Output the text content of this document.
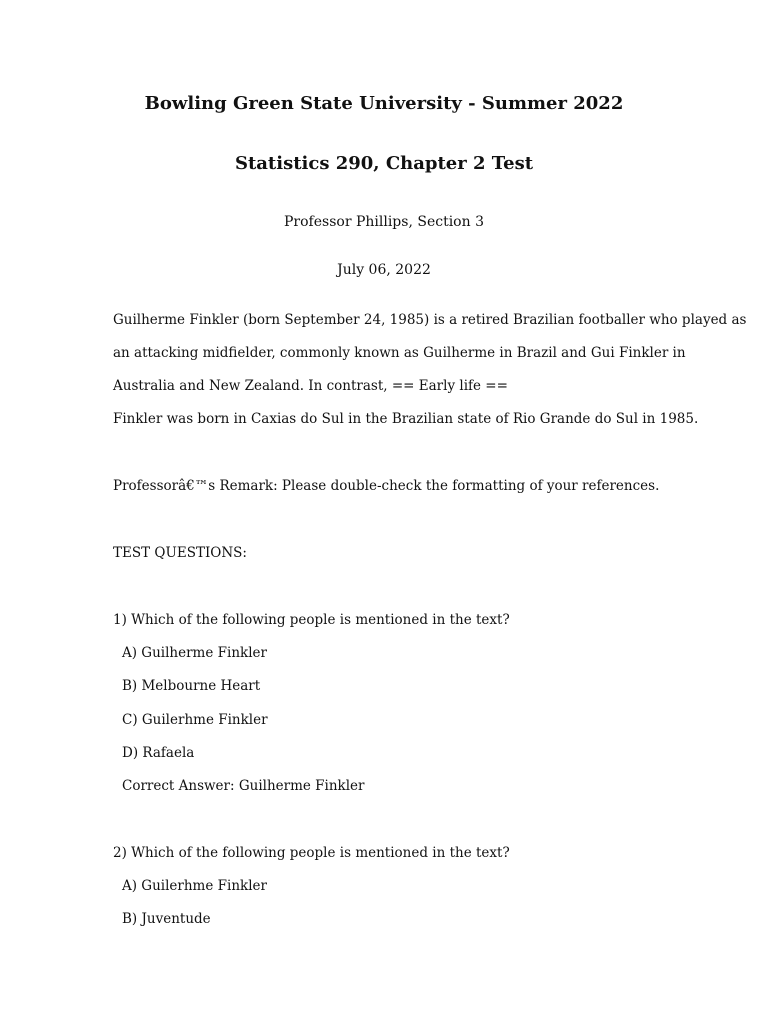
Bowling Green State University - Summer 2022
Statistics 290, Chapter 2 Test
Professor Phillips, Section 3
July 06, 2022
Guilherme Finkler (born September 24, 1985) is a retired Brazilian footballer who played as
an attacking midfielder, commonly known as Guilherme in Brazil and Gui Finkler in
Australia and New Zealand. In contrast, == Early life ==
Finkler was born in Caxias do Sul in the Brazilian state of Rio Grande do Sul in 1985.
Professorâ€™s Remark: Please double-check the formatting of your references.
TEST QUESTIONS:
1) Which of the following people is mentioned in the text?
A) Guilherme Finkler
B) Melbourne Heart
C) Guilerhme Finkler
D) Rafaela
Correct Answer: Guilherme Finkler
2) Which of the following people is mentioned in the text?
A) Guilerhme Finkler
B) Juventude
